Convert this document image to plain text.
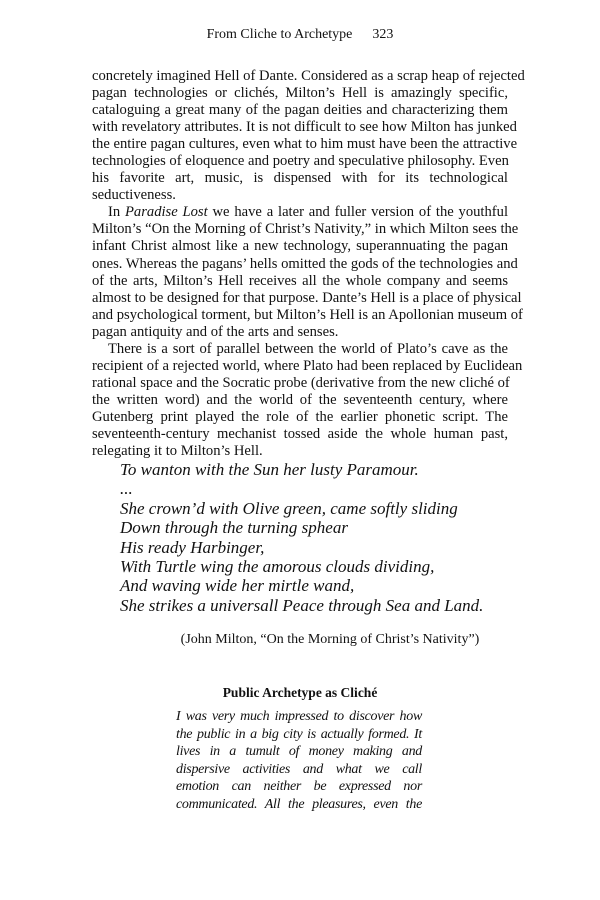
From Cliche to Archetype 323
concretely imagined Hell of Dante. Considered as a scrap heap of rejected
pagan technologies or clichés, Milton’s Hell is amazingly specific,
cataloguing a great many of the pagan deities and characterizing them
with revelatory attributes. It is not difficult to see how Milton has junked
the entire pagan cultures, even what to him must have been the attractive
technologies of eloquence and poetry and speculative philosophy. Even
his favorite art, music, is dispensed with for its technological
seductiveness.
In Paradise Lost we have a later and fuller version of the youthful
Milton’s “On the Morning of Christ’s Nativity,” in which Milton sees the
infant Christ almost like a new technology, superannuating the pagan
ones. Whereas the pagans’ hells omitted the gods of the technologies and
of the arts, Milton’s Hell receives all the whole company and seems
almost to be designed for that purpose. Dante’s Hell is a place of physical
and psychological torment, but Milton’s Hell is an Apollonian museum of
pagan antiquity and of the arts and senses.
There is a sort of parallel between the world of Plato’s cave as the
recipient of a rejected world, where Plato had been replaced by Euclidean
rational space and the Socratic probe (derivative from the new cliché of
the written word) and the world of the seventeenth century, where
Gutenberg print played the role of the earlier phonetic script. The
seventeenth-century mechanist tossed aside the whole human past,
relegating it to Milton’s Hell.
To wanton with the Sun her lusty Paramour.
...
She crown’d with Olive green, came softly sliding
Down through the turning sphear
His ready Harbinger,
With Turtle wing the amorous clouds dividing,
And waving wide her mirtle wand,
She strikes a universall Peace through Sea and Land.
(John Milton, “On the Morning of Christ’s Nativity”)
Public Archetype as Cliché
I was very much impressed to discover how
the public in a big city is actually formed. It
lives in a tumult of money making and
dispersive activities and what we call
emotion can neither be expressed nor
communicated. All the pleasures, even the
